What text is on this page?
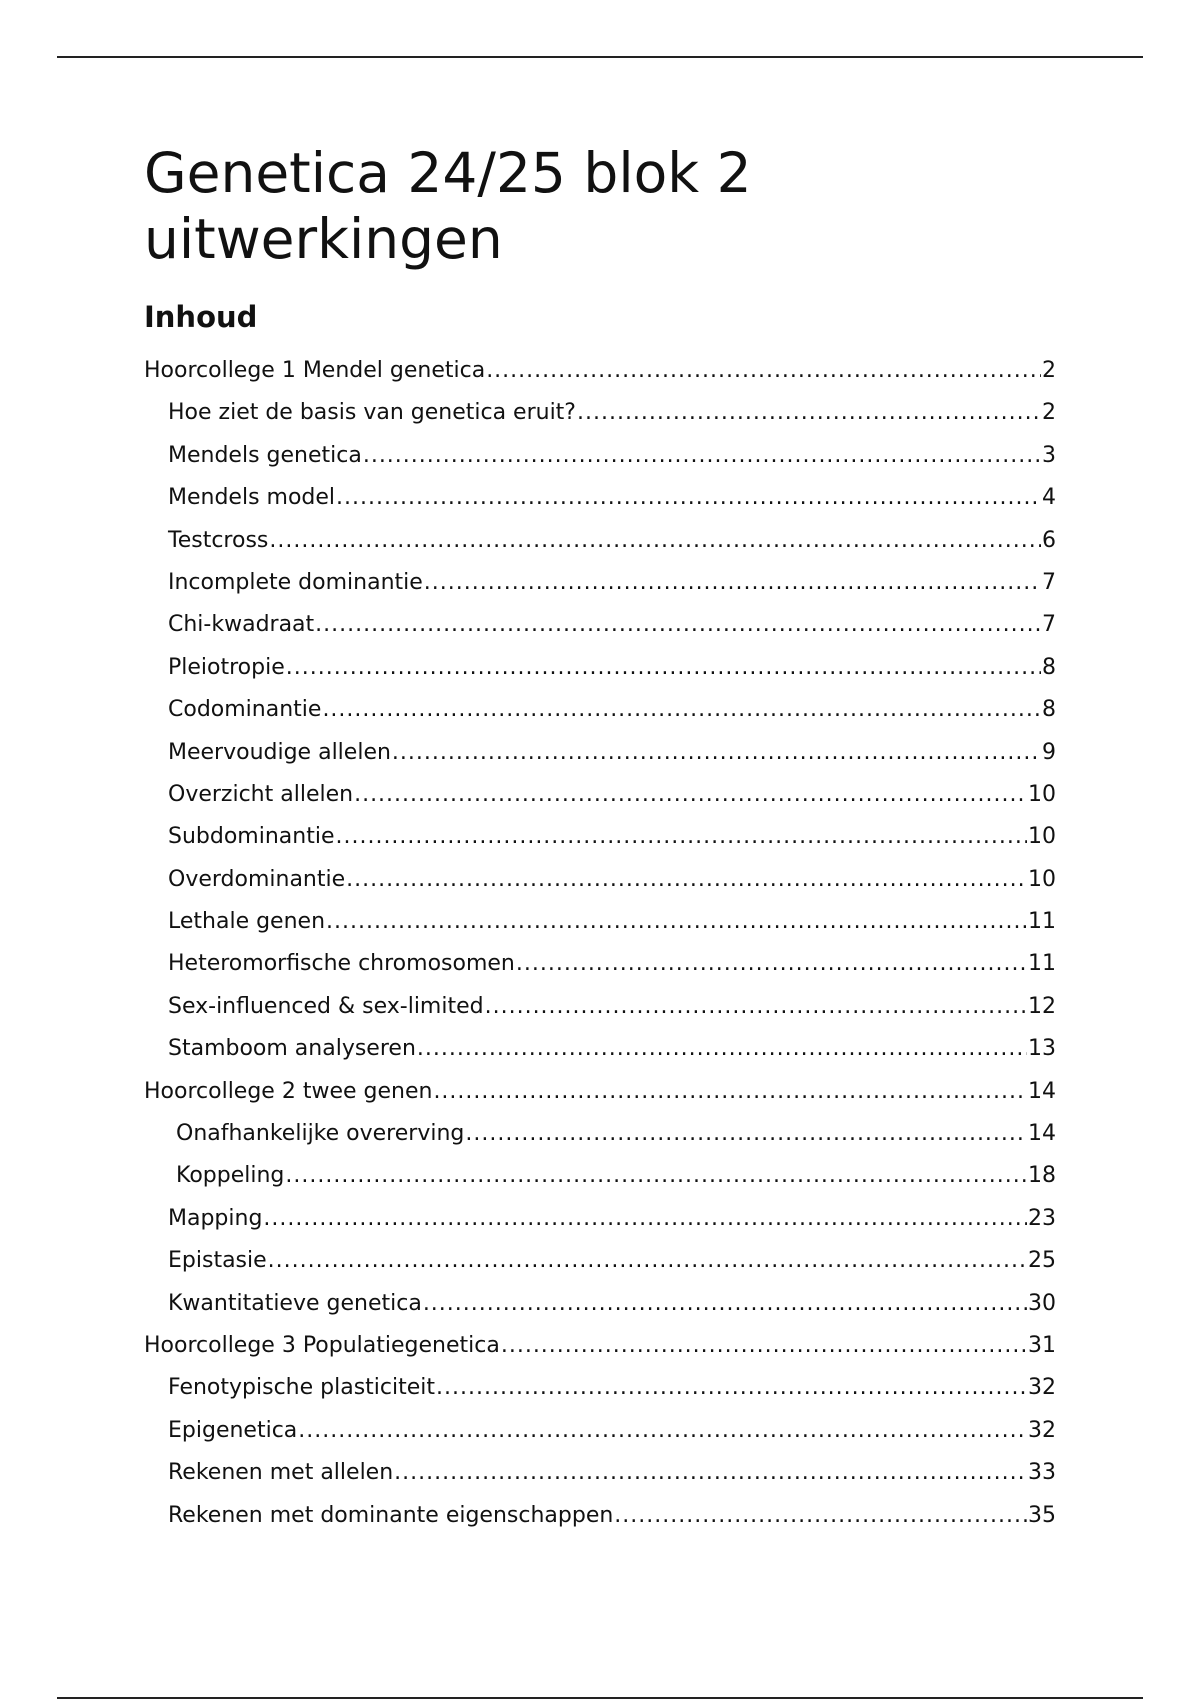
Genetica 24/25 blok 2
uitwerkingen
Inhoud
Hoorcollege 1 Mendel genetica .....	2
Hoe ziet de basis van genetica eruit? .....	2
Mendels genetica .....	3
Mendels model .....	4
Testcross .....	6
Incomplete dominantie .....	7
Chi-kwadraat .....	7
Pleiotropie .....	8
Codominantie .....	8
Meervoudige allelen .....	9
Overzicht allelen .....	10
Subdominantie .....	10
Overdominantie .....	10
Lethale genen .....	11
Heteromorfische chromosomen .....	11
Sex-influenced & sex-limited .....	12
Stamboom analyseren .....	13
Hoorcollege 2 twee genen .....	14
Onafhankelijke overerving .....	14
Koppeling .....	18
Mapping .....	23
Epistasie .....	25
Kwantitatieve genetica .....	30
Hoorcollege 3 Populatiegenetica .....	31
Fenotypische plasticiteit .....	32
Epigenetica .....	32
Rekenen met allelen .....	33
Rekenen met dominante eigenschappen .....	35
